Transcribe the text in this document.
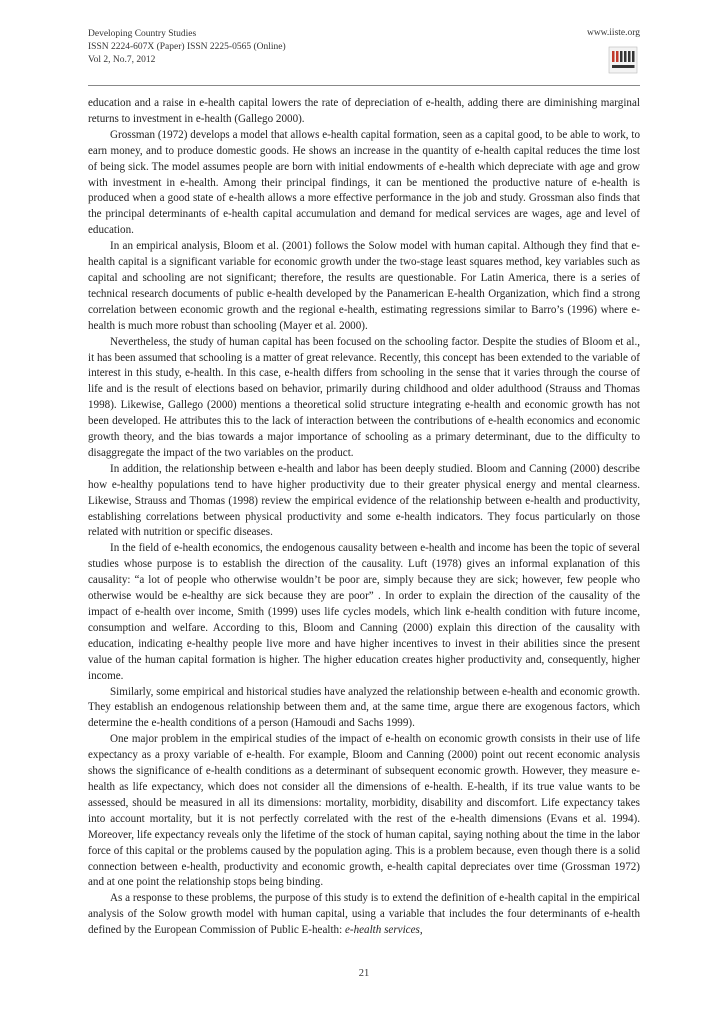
Developing Country Studies
ISSN 2224-607X (Paper) ISSN 2225-0565 (Online)
Vol 2, No.7, 2012
www.iiste.org

education and a raise in e-health capital lowers the rate of depreciation of e-health, adding there are diminishing marginal returns to investment in e-health (Gallego 2000).

Grossman (1972) develops a model that allows e-health capital formation, seen as a capital good, to be able to work, to earn money, and to produce domestic goods. He shows an increase in the quantity of e-health capital reduces the time lost of being sick. The model assumes people are born with initial endowments of e-health which depreciate with age and grow with investment in e-health. Among their principal findings, it can be mentioned the productive nature of e-health is produced when a good state of e-health allows a more effective performance in the job and study. Grossman also finds that the principal determinants of e-health capital accumulation and demand for medical services are wages, age and level of education.

In an empirical analysis, Bloom et al. (2001) follows the Solow model with human capital. Although they find that e-health capital is a significant variable for economic growth under the two-stage least squares method, key variables such as capital and schooling are not significant; therefore, the results are questionable. For Latin America, there is a series of technical research documents of public e-health developed by the Panamerican E-health Organization, which find a strong correlation between economic growth and the regional e-health, estimating regressions similar to Barro’s (1996) where e-health is much more robust than schooling (Mayer et al. 2000).

Nevertheless, the study of human capital has been focused on the schooling factor. Despite the studies of Bloom et al., it has been assumed that schooling is a matter of great relevance. Recently, this concept has been extended to the variable of interest in this study, e-health. In this case, e-health differs from schooling in the sense that it varies through the course of life and is the result of elections based on behavior, primarily during childhood and older adulthood (Strauss and Thomas 1998). Likewise, Gallego (2000) mentions a theoretical solid structure integrating e-health and economic growth has not been developed. He attributes this to the lack of interaction between the contributions of e-health economics and economic growth theory, and the bias towards a major importance of schooling as a primary determinant, due to the difficulty to disaggregate the impact of the two variables on the product.

In addition, the relationship between e-health and labor has been deeply studied. Bloom and Canning (2000) describe how e-healthy populations tend to have higher productivity due to their greater physical energy and mental clearness. Likewise, Strauss and Thomas (1998) review the empirical evidence of the relationship between e-health and productivity, establishing correlations between physical productivity and some e-health indicators. They focus particularly on those related with nutrition or specific diseases.

In the field of e-health economics, the endogenous causality between e-health and income has been the topic of several studies whose purpose is to establish the direction of the causality. Luft (1978) gives an informal explanation of this causality: “a lot of people who otherwise wouldn’t be poor are, simply because they are sick; however, few people who otherwise would be e-healthy are sick because they are poor” . In order to explain the direction of the causality of the impact of e-health over income, Smith (1999) uses life cycles models, which link e-health condition with future income, consumption and welfare. According to this, Bloom and Canning (2000) explain this direction of the causality with education, indicating e-healthy people live more and have higher incentives to invest in their abilities since the present value of the human capital formation is higher. The higher education creates higher productivity and, consequently, higher income.

Similarly, some empirical and historical studies have analyzed the relationship between e-health and economic growth. They establish an endogenous relationship between them and, at the same time, argue there are exogenous factors, which determine the e-health conditions of a person (Hamoudi and Sachs 1999).

One major problem in the empirical studies of the impact of e-health on economic growth consists in their use of life expectancy as a proxy variable of e-health. For example, Bloom and Canning (2000) point out recent economic analysis shows the significance of e-health conditions as a determinant of subsequent economic growth. However, they measure e-health as life expectancy, which does not consider all the dimensions of e-health. E-health, if its true value wants to be assessed, should be measured in all its dimensions: mortality, morbidity, disability and discomfort. Life expectancy takes into account mortality, but it is not perfectly correlated with the rest of the e-health dimensions (Evans et al. 1994). Moreover, life expectancy reveals only the lifetime of the stock of human capital, saying nothing about the time in the labor force of this capital or the problems caused by the population aging. This is a problem because, even though there is a solid connection between e-health, productivity and economic growth, e-health capital depreciates over time (Grossman 1972) and at one point the relationship stops being binding.

As a response to these problems, the purpose of this study is to extend the definition of e-health capital in the empirical analysis of the Solow growth model with human capital, using a variable that includes the four determinants of e-health defined by the European Commission of Public E-health: e-health services,

21
